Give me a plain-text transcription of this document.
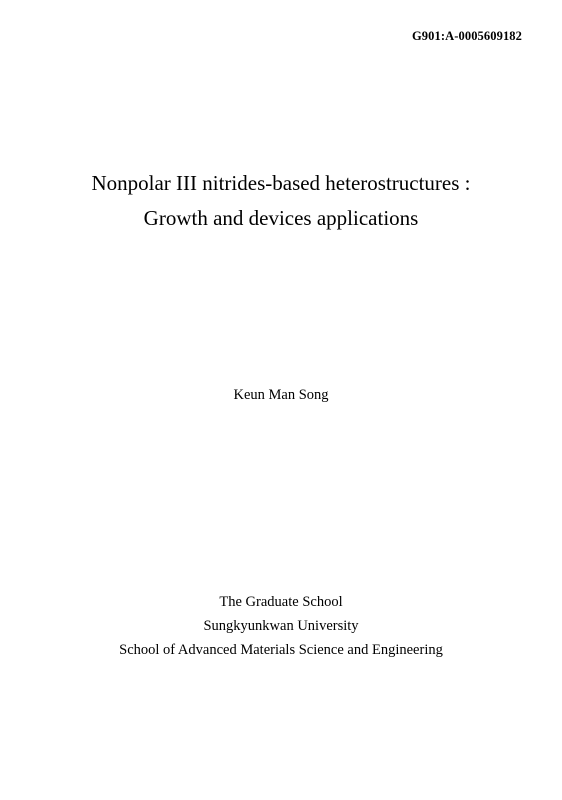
G901:A-0005609182
Nonpolar III nitrides-based heterostructures :
Growth and devices applications
Keun Man Song
The Graduate School
Sungkyunkwan University
School of Advanced Materials Science and Engineering
